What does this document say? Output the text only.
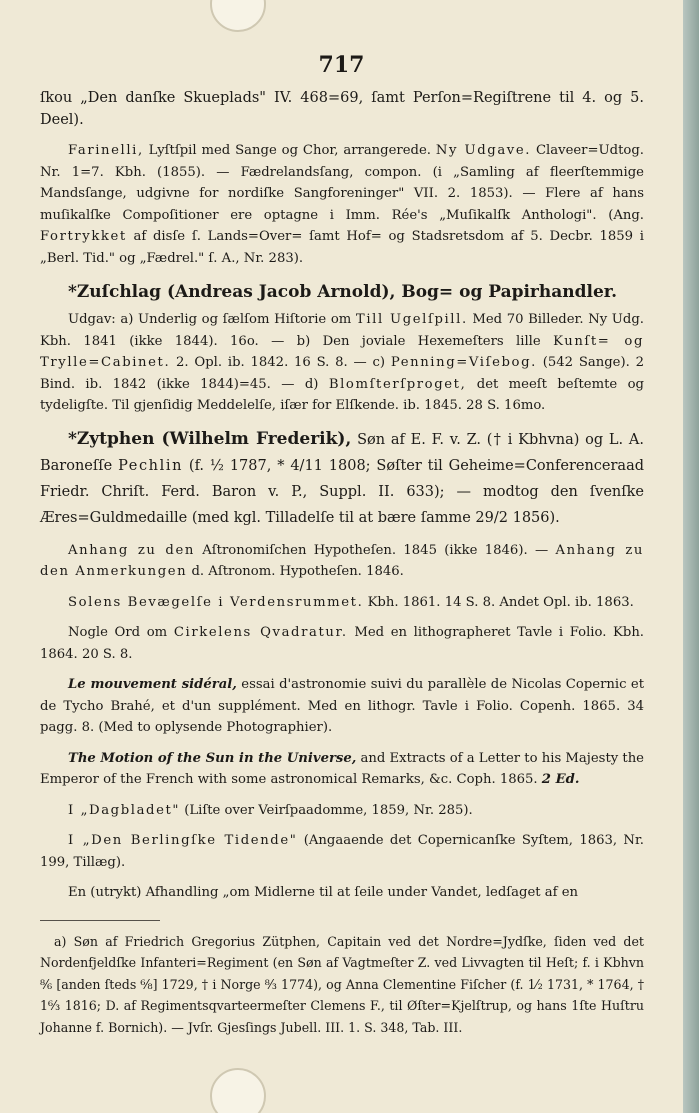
717

ſkou „Den danſke Skueplads" IV. 468=69, ſamt Perſon=Regiſtrene til 4. og 5. Deel).

Farinelli, Lyſtſpil med Sange og Chor, arrangerede. Ny Udgave. Claveer=Udtog. Nr. 1=7. Kbh. (1855). — Fædrelandsſang, compon. (i „Samling af fleerſtemmige Mandsſange, udgivne for nordiſke Sangforeninger" VII. 2. 1853). — Flere af hans muſikalſke Compoſitioner ere optagne i Imm. Rée's „Muſikalſk Anthologi". (Ang. Fortrykket af disſe ſ. Lands=Over= ſamt Hof= og Stadsretsdom af 5. Decbr. 1859 i „Berl. Tid." og „Fædrel." ſ. A., Nr. 283).

*Zuſchlag (Andreas Jacob Arnold), Bog= og Papirhandler.

Udgav: a) Underlig og ſælſom Hiſtorie om Till Ugelſpill. Med 70 Billeder. Ny Udg. Kbh. 1841 (ikke 1844). 16o. — b) Den joviale Hexemeſters lille Kunſt= og Trylle=Cabinet. 2. Opl. ib. 1842. 16 S. 8. — c) Penning=Viſebog. (542 Sange). 2 Bind. ib. 1842 (ikke 1844)=45. — d) Blomſterſproget, det meeſt beſtemte og tydeligſte. Til gjenſidig Meddelelſe, iſær for Elſkende. ib. 1845. 28 S. 16mo.

*Zytphen (Wilhelm Frederik), Søn af E. F. v. Z. († i Kbhvna) og L. A. Baroneſſe Pechlin (f. ½ 1787, * 4/11 1808; Søſter til Geheime=Conferenceraad Friedr. Chriſt. Ferd. Baron v. P., Suppl. II. 633); — modtog den ſvenſke Æres=Guldmedaille (med kgl. Tilladelſe til at bære ſamme 29/2 1856).

Anhang zu den Aſtronomiſchen Hypotheſen. 1845 (ikke 1846). — Anhang zu den Anmerkungen d. Aſtronom. Hypotheſen. 1846.

Solens Bevægelſe i Verdensrummet. Kbh. 1861. 14 S. 8. Andet Opl. ib. 1863.

Nogle Ord om Cirkelens Qvadratur. Med en lithographeret Tavle i Folio. Kbh. 1864. 20 S. 8.

Le mouvement sidéral, essai d'astronomie suivi du parallèle de Nicolas Copernic et de Tycho Brahé, et d'un supplément. Med en lithogr. Tavle i Folio. Copenh. 1865. 34 pagg. 8. (Med to oplysende Photographier).

The Motion of the Sun in the Universe, and Extracts of a Letter to his Majesty the Emperor of the French with some astronomical Remarks, &c. Coph. 1865. 2 Ed.

I „Dagbladet" (Liſte over Veirſpaadomme, 1859, Nr. 285).

I „Den Berlingſke Tidende" (Angaaende det Copernicanſke Syſtem, 1863, Nr. 199, Tillæg).

En (utrykt) Afhandling „om Midlerne til at ſeile under Vandet, ledſaget af en

a) Søn af Friedrich Gregorius Zütphen, Capitain ved det Nordre=Jydſke, ſiden ved det Nordenfjeldſke Infanteri=Regiment (en Søn af Vagtmeſter Z. ved Livvagten til Heſt; f. i Kbhvn ⁸⁄₆ [anden ſteds ⁶⁄₈] 1729, † i Norge ⁸⁄₃ 1774), og Anna Clementine Fiſcher (f. 1⁄₂ 1731, * 1764, † 1⁶⁄₃ 1816; D. af Regimentsqvarteermeſter Clemens F., til Øſter=Kjelſtrup, og hans 1ſte Huſtru Johanne f. Bornich). — Jvſr. Gjesſings Jubell. III. 1. S. 348, Tab. III.
